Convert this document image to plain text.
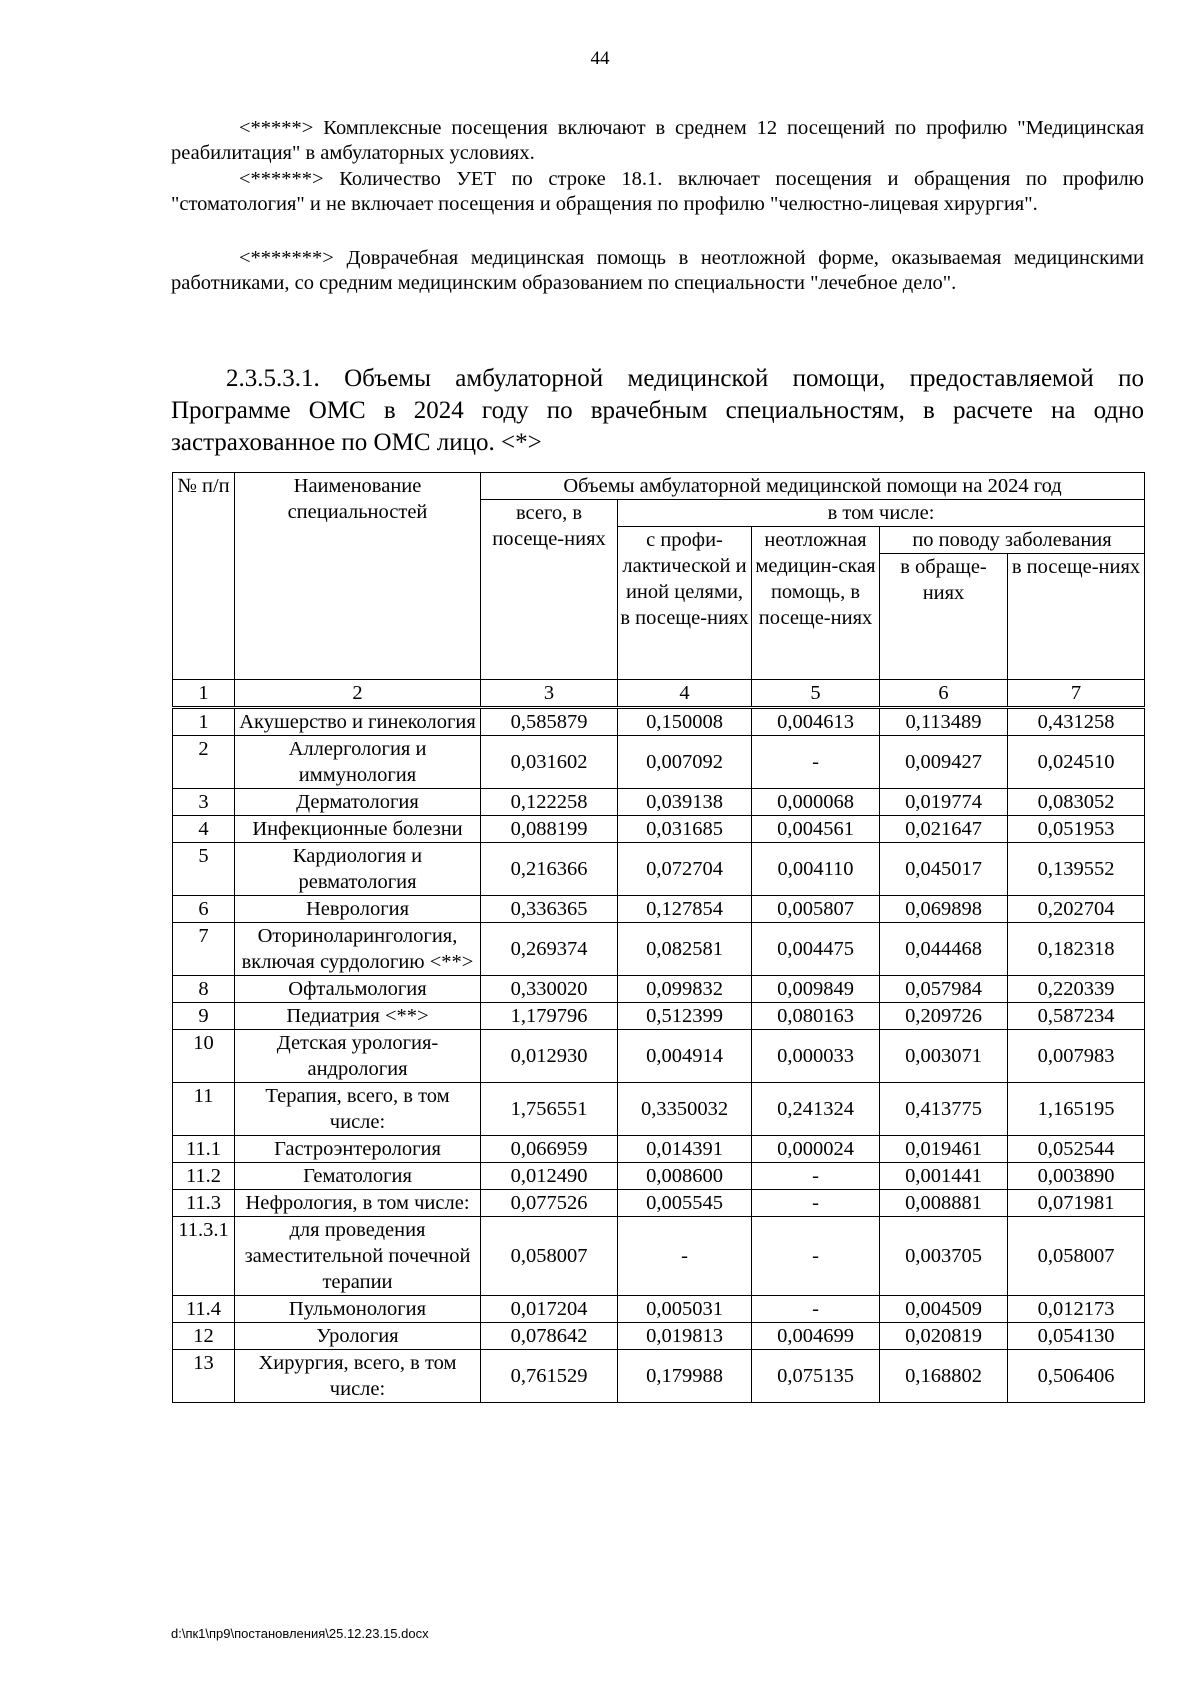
44

<*****> Комплексные посещения включают в среднем 12 посещений по профилю "Медицинская реабилитация" в амбулаторных условиях.

<******> Количество УЕТ по строке 18.1. включает посещения и обращения по профилю "стоматология" и не включает посещения и обращения по профилю "челюстно-лицевая хирургия".

<*******> Доврачебная медицинская помощь в неотложной форме, оказываемая медицинскими работниками, со средним медицинским образованием по специальности "лечебное дело".

2.3.5.3.1. Объемы амбулаторной медицинской помощи, предоставляемой по Программе ОМС в 2024 году по врачебным специальностям, в расчете на одно застрахованное по ОМС лицо. <*>

№ п/п	Наименование специальностей	Объемы амбулаторной медицинской помощи на 2024 год				
		всего, в посеще-ниях	в том числе:			
			с профи-лактической и иной целями, в посеще-ниях	неотложная медицин-ская помощь, в посеще-ниях	по поводу заболевания	
					в обраще-ниях	в посеще-ниях
1	2	3	4	5	6	7
1	Акушерство и гинекология	0,585879	0,150008	0,004613	0,113489	0,431258
2	Аллергология и иммунология	0,031602	0,007092	-	0,009427	0,024510
3	Дерматология	0,122258	0,039138	0,000068	0,019774	0,083052
4	Инфекционные болезни	0,088199	0,031685	0,004561	0,021647	0,051953
5	Кардиология и ревматология	0,216366	0,072704	0,004110	0,045017	0,139552
6	Неврология	0,336365	0,127854	0,005807	0,069898	0,202704
7	Оториноларингология, включая сурдологию <**>	0,269374	0,082581	0,004475	0,044468	0,182318
8	Офтальмология	0,330020	0,099832	0,009849	0,057984	0,220339
9	Педиатрия <**>	1,179796	0,512399	0,080163	0,209726	0,587234
10	Детская урология-андрология	0,012930	0,004914	0,000033	0,003071	0,007983
11	Терапия, всего, в том числе:	1,756551	0,3350032	0,241324	0,413775	1,165195
11.1	Гастроэнтерология	0,066959	0,014391	0,000024	0,019461	0,052544
11.2	Гематология	0,012490	0,008600	-	0,001441	0,003890
11.3	Нефрология, в том числе:	0,077526	0,005545	-	0,008881	0,071981
11.3.1	для проведения заместительной почечной терапии	0,058007	-	-	0,003705	0,058007
11.4	Пульмонология	0,017204	0,005031	-	0,004509	0,012173
12	Урология	0,078642	0,019813	0,004699	0,020819	0,054130
13	Хирургия, всего, в том числе:	0,761529	0,179988	0,075135	0,168802	0,506406
d:\пк1\пр9\постановления\25.12.23.15.docx
